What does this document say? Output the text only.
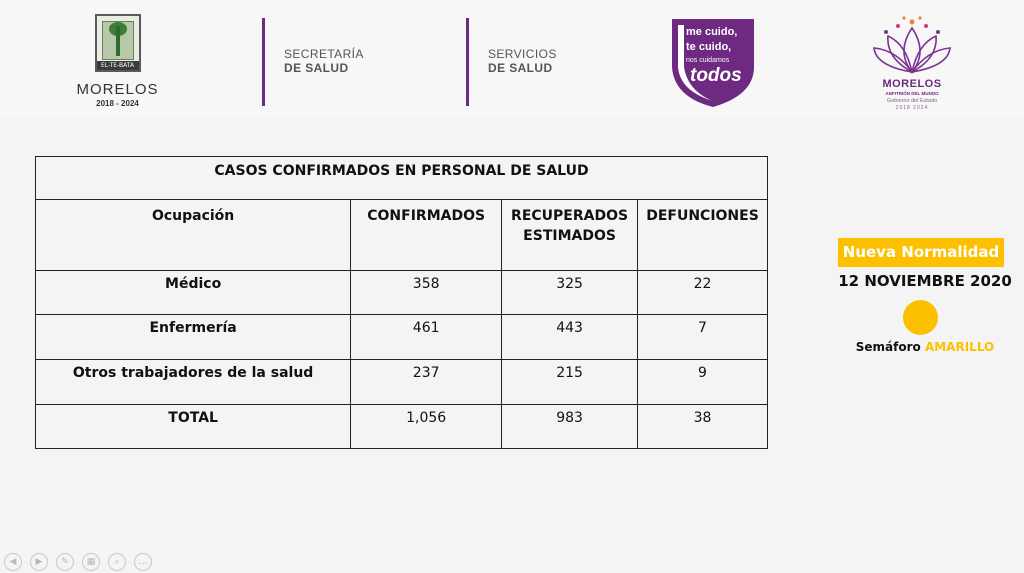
EL-TE-BATA
MORELOS
2018 - 2024
SECRETARÍA
DE SALUD
SERVICIOS
DE SALUD
me cuido,
te cuido,
nos cuidamos
todos	MORELOS
ANFITRIÓN DEL MUNDO
Gobierno del Estado
2018 2024
CASOS CONFIRMADOS EN PERSONAL DE SALUD			
Ocupación	CONFIRMADOS	RECUPERADOS ESTIMADOS	DEFUNCIONES
Médico	358	325	22
Enfermería	461	443	7
Otros trabajadores de la salud	237	215	9
TOTAL	1,056	983	38
Nueva Normalidad
12 NOVIEMBRE 2020
Semáforo AMARILLO
◀	▶	✎	▦	⌕	…
